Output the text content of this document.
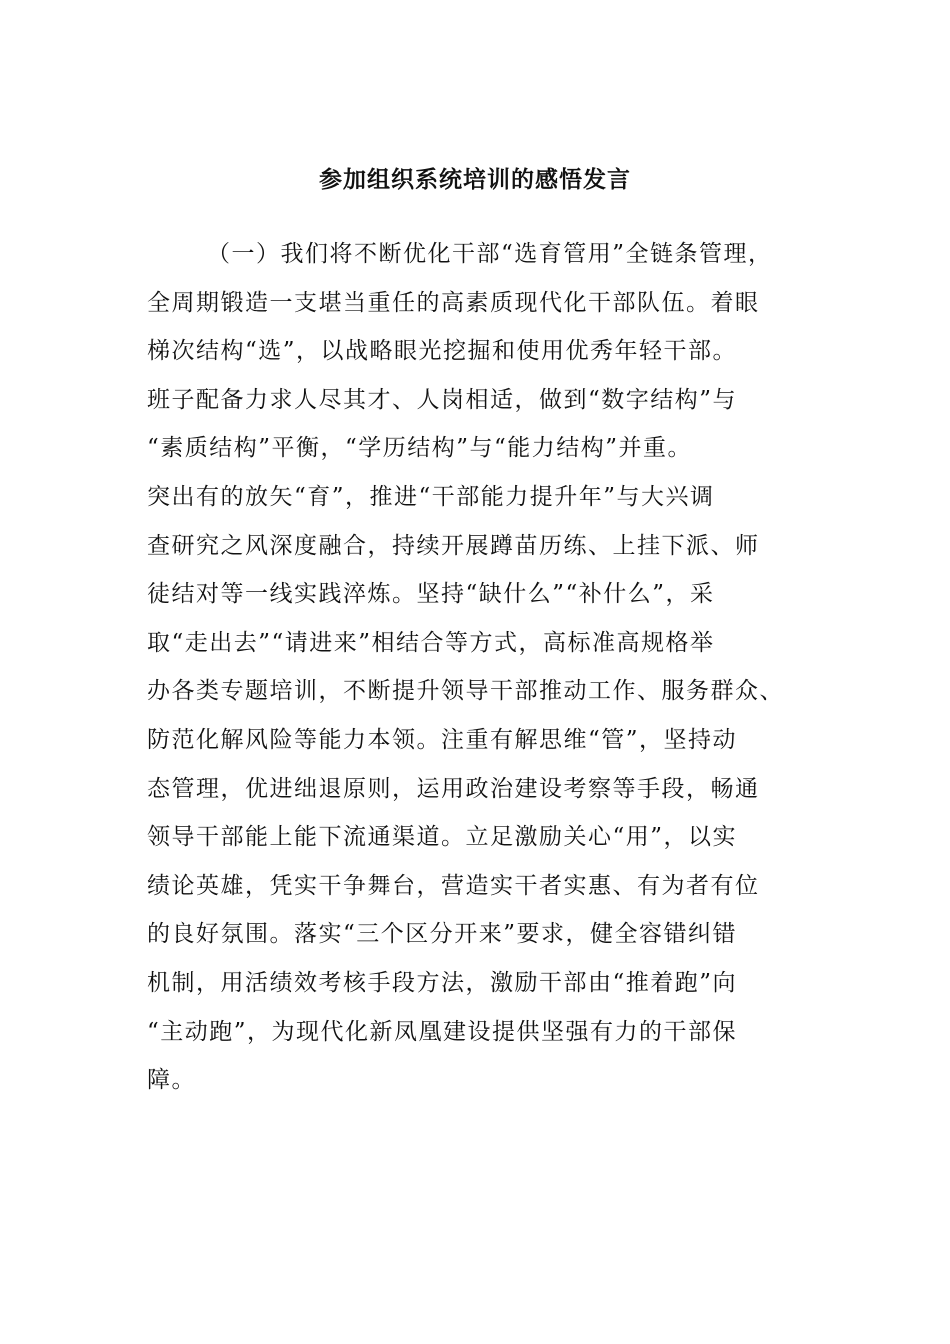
参加组织系统培训的感悟发言
（一）我们将不断优化干部“选育管用”全链条管理，
全周期锻造一支堪当重任的高素质现代化干部队伍。着眼
梯次结构“选”，以战略眼光挖掘和使用优秀年轻干部。
班子配备力求人尽其才、人岗相适，做到“数字结构”与
“素质结构”平衡，“学历结构”与“能力结构”并重。
突出有的放矢“育”，推进“干部能力提升年”与大兴调
查研究之风深度融合，持续开展蹲苗历练、上挂下派、师
徒结对等一线实践淬炼。坚持“缺什么”“补什么”，采
取“走出去”“请进来”相结合等方式，高标准高规格举
办各类专题培训，不断提升领导干部推动工作、服务群众、
防范化解风险等能力本领。注重有解思维“管”，坚持动
态管理，优进绌退原则，运用政治建设考察等手段，畅通
领导干部能上能下流通渠道。立足激励关心“用”，以实
绩论英雄，凭实干争舞台，营造实干者实惠、有为者有位
的良好氛围。落实“三个区分开来”要求，健全容错纠错
机制，用活绩效考核手段方法，激励干部由“推着跑”向
“主动跑”，为现代化新凤凰建设提供坚强有力的干部保
障。
